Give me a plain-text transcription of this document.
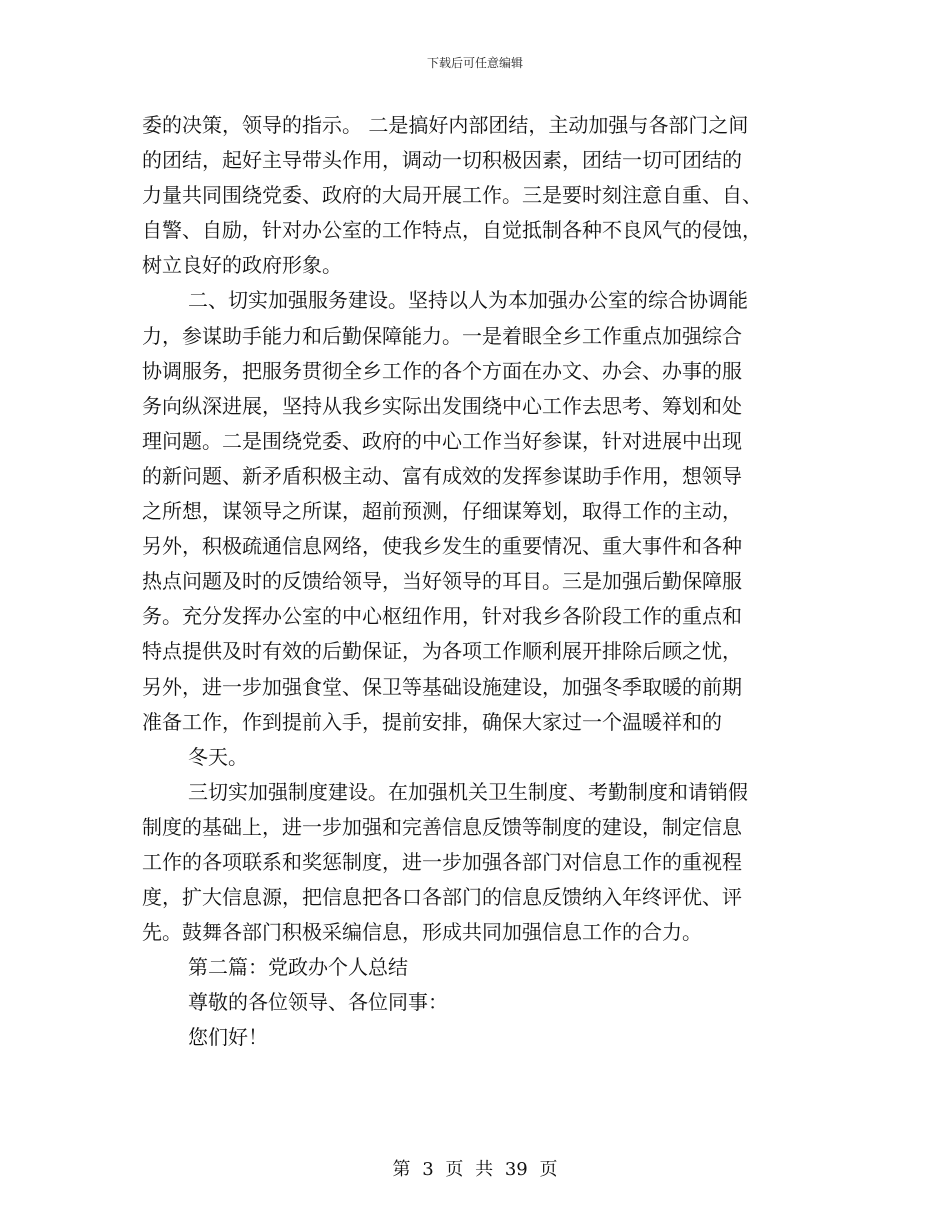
下载后可任意编辑
委的决策，领导的指示。 二是搞好内部团结，主动加强与各部门之间
的团结，起好主导带头作用，调动一切积极因素，团结一切可团结的
力量共同围绕党委、政府的大局开展工作。三是要时刻注意自重、自、
自警、自励，针对办公室的工作特点，自觉抵制各种不良风气的侵蚀，
树立良好的政府形象。
二、切实加强服务建设。坚持以人为本加强办公室的综合协调能
力，参谋助手能力和后勤保障能力。一是着眼全乡工作重点加强综合
协调服务，把服务贯彻全乡工作的各个方面在办文、办会、办事的服
务向纵深进展，坚持从我乡实际出发围绕中心工作去思考、筹划和处
理问题。二是围绕党委、政府的中心工作当好参谋，针对进展中出现
的新问题、新矛盾积极主动、富有成效的发挥参谋助手作用，想领导
之所想，谋领导之所谋，超前预测，仔细谋筹划，取得工作的主动，
另外，积极疏通信息网络，使我乡发生的重要情况、重大事件和各种
热点问题及时的反馈给领导，当好领导的耳目。三是加强后勤保障服
务。充分发挥办公室的中心枢纽作用，针对我乡各阶段工作的重点和
特点提供及时有效的后勤保证，为各项工作顺利展开排除后顾之忧，
另外，进一步加强食堂、保卫等基础设施建设，加强冬季取暖的前期
准备工作，作到提前入手，提前安排，确保大家过一个温暖祥和的
冬天。
三切实加强制度建设。在加强机关卫生制度、考勤制度和请销假
制度的基础上，进一步加强和完善信息反馈等制度的建设，制定信息
工作的各项联系和奖惩制度，进一步加强各部门对信息工作的重视程
度，扩大信息源，把信息把各口各部门的信息反馈纳入年终评优、评
先。鼓舞各部门积极采编信息，形成共同加强信息工作的合力。
第二篇：党政办个人总结
尊敬的各位领导、各位同事：
您们好！
第 3 页 共 39 页
